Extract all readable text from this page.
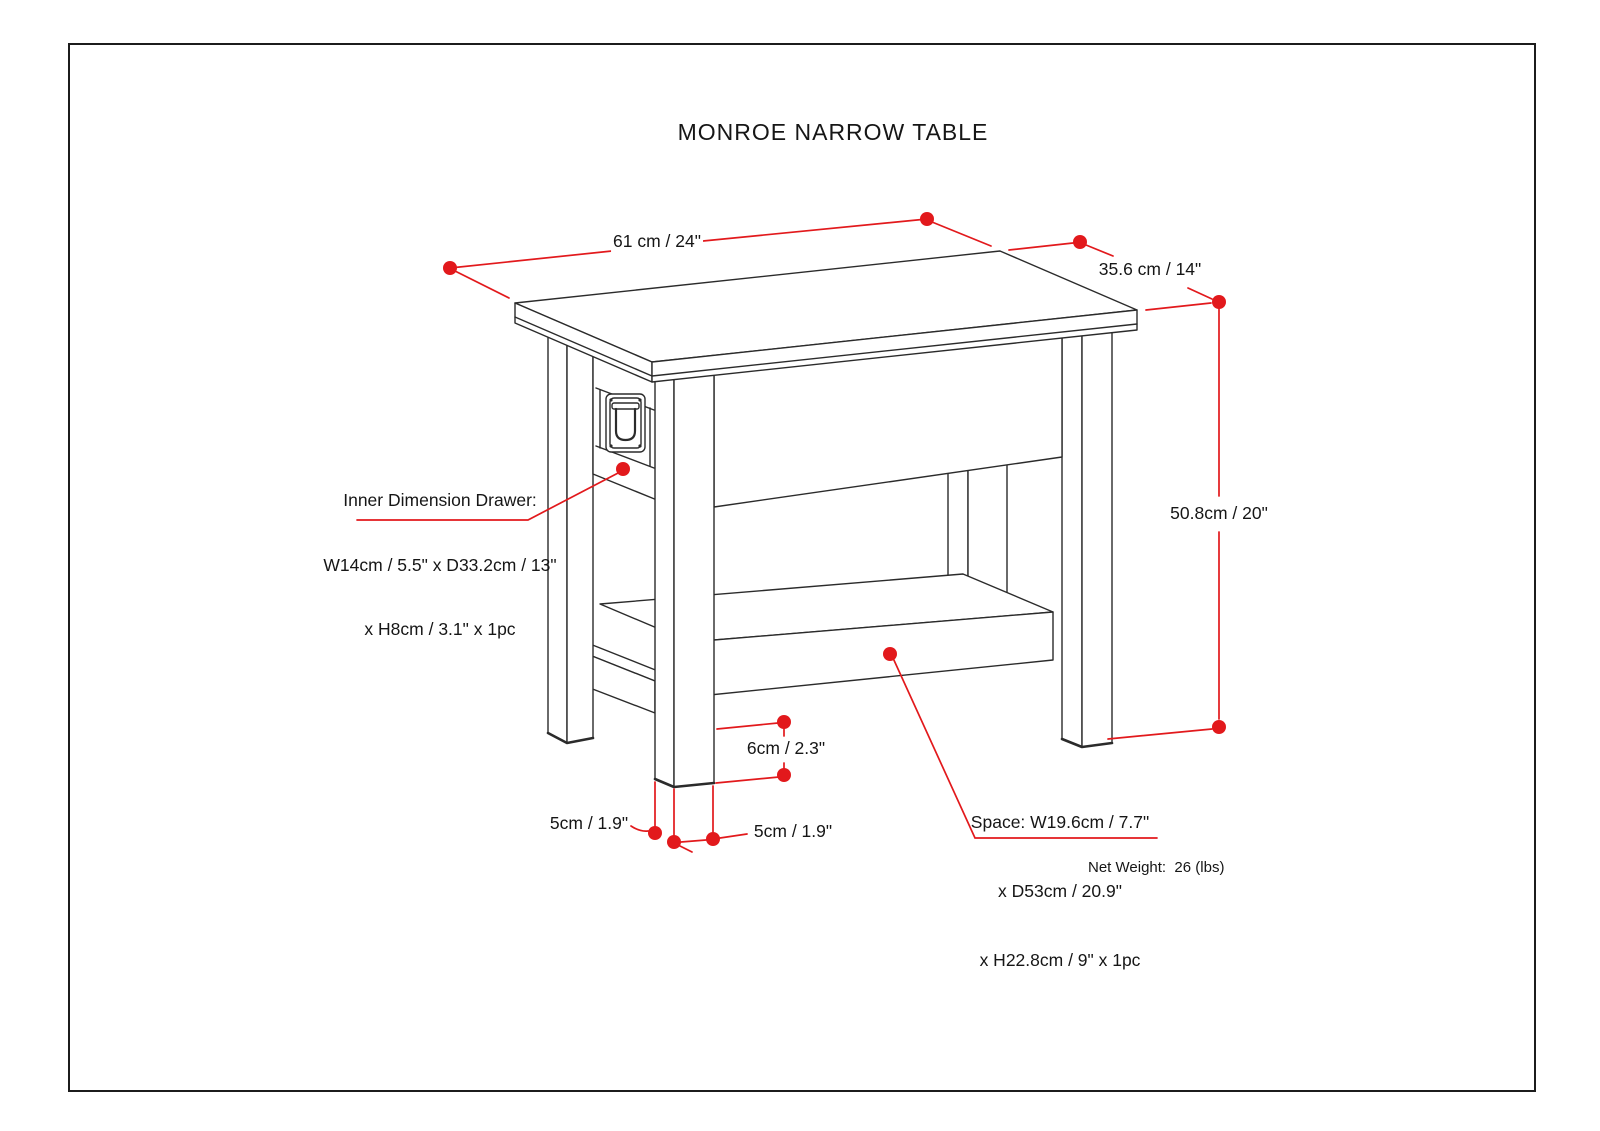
MONROE NARROW TABLE
61 cm / 24"
35.6 cm / 14"
50.8cm / 20"

Inner Dimension Drawer:

W14cm / 5.5" x D33.2cm / 13"

x H8cm / 3.1" x 1pc

6cm / 2.3"
5cm / 1.9"	5cm / 1.9"

	Space: W19.6cm / 7.7"

x D53cm / 20.9"

x H22.8cm / 9" x 1pc

Net Weight:  26 (lbs)
